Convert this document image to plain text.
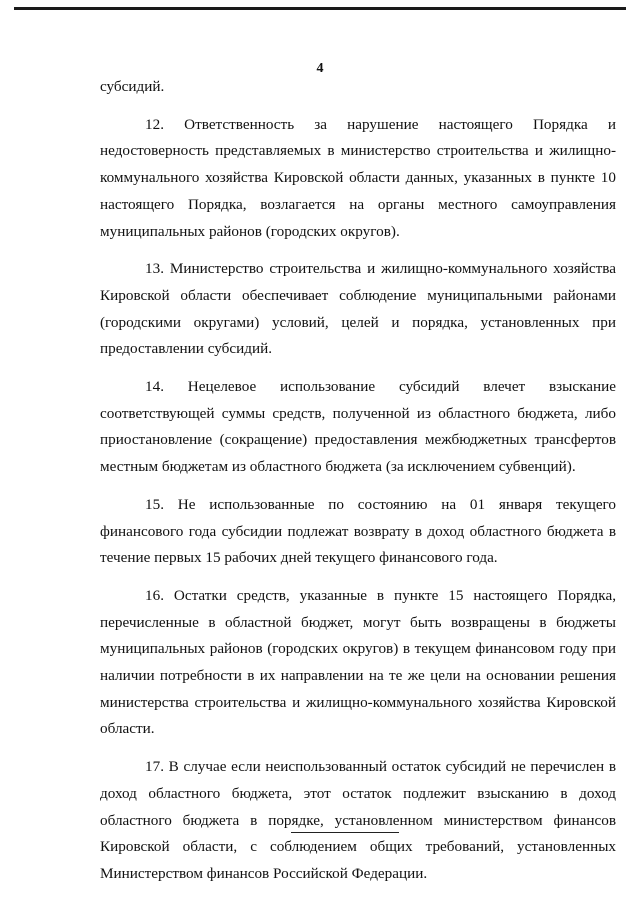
4

субсидий.

12. Ответственность за нарушение настоящего Порядка и недостоверность представляемых в министерство строительства и жилищно-коммунального хозяйства Кировской области данных, указанных в пункте 10 настоящего Порядка, возлагается на органы местного самоуправления муниципальных районов (городских округов).

13. Министерство строительства и жилищно-коммунального хозяйства Кировской области обеспечивает соблюдение муниципальными районами (городскими округами) условий, целей и порядка, установленных при предоставлении субсидий.

14. Нецелевое использование субсидий влечет взыскание соответствующей суммы средств, полученной из областного бюджета, либо приостановление (сокращение) предоставления межбюджетных трансфертов местным бюджетам из областного бюджета (за исключением субвенций).

15. Не использованные по состоянию на 01 января текущего финансового года субсидии подлежат возврату в доход областного бюджета в течение первых 15 рабочих дней текущего финансового года.

16. Остатки средств, указанные в пункте 15 настоящего Порядка, перечисленные в областной бюджет, могут быть возвращены в бюджеты муниципальных районов (городских округов) в текущем финансовом году при наличии потребности в их направлении на те же цели на основании решения министерства строительства и жилищно-коммунального хозяйства Кировской области.

17. В случае если неиспользованный остаток субсидий не перечислен в доход областного бюджета, этот остаток подлежит взысканию в доход областного бюджета в порядке, установленном министерством финансов Кировской области, с соблюдением общих требований, установленных Министерством финансов Российской Федерации.
